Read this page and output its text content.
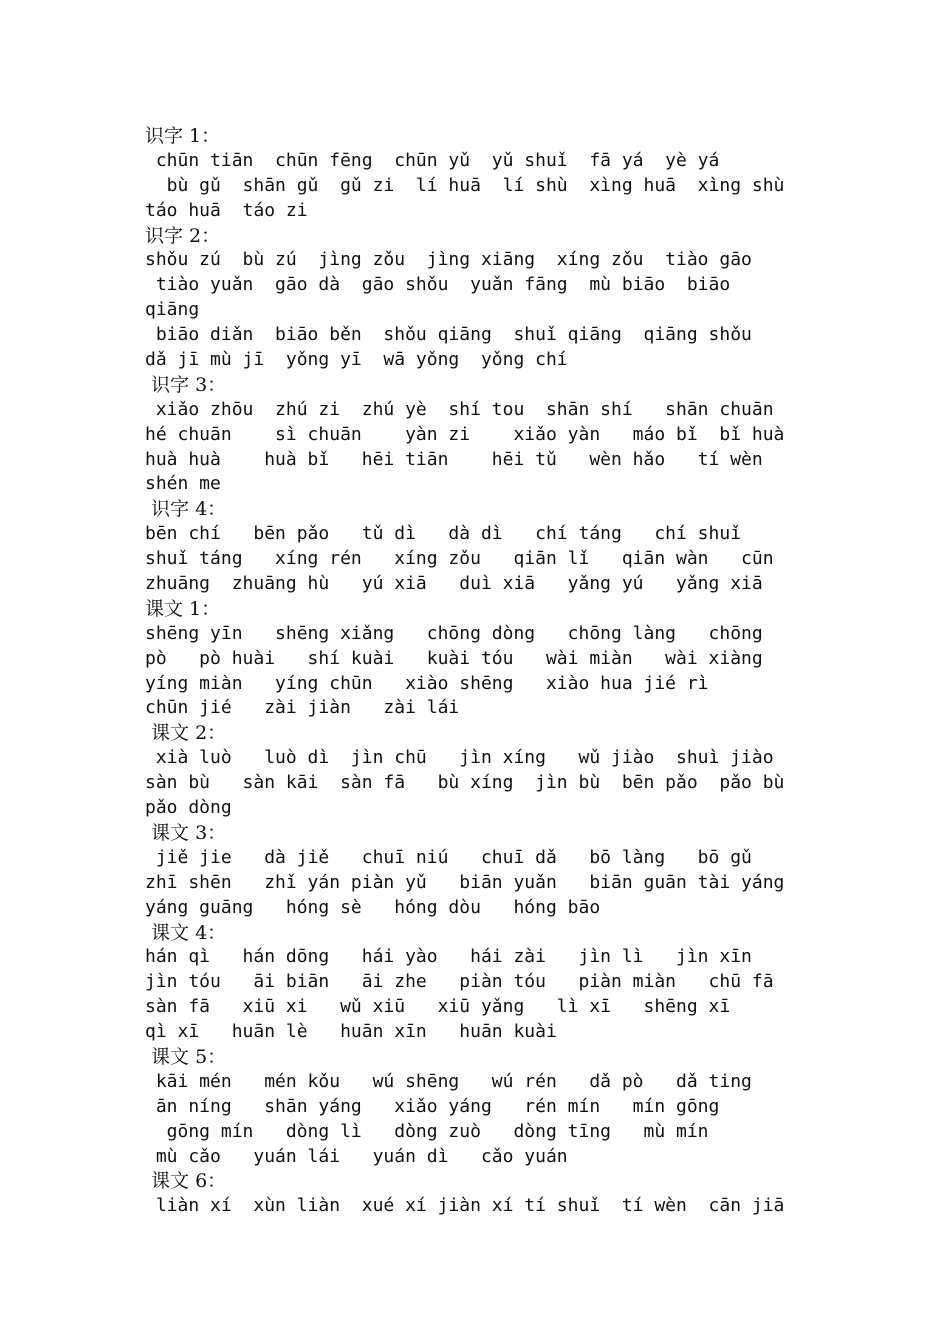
识字 1：
chūn tiān  chūn fēng  chūn yǔ  yǔ shuǐ  fā yá  yè yá
bù gǔ  shān gǔ  gǔ zi  lí huā  lí shù  xìng huā  xìng shù
táo huā  táo zi
识字 2：
shǒu zú  bù zú  jìng zǒu  jìng xiāng  xíng zǒu  tiào gāo
tiào yuǎn  gāo dà  gāo shǒu  yuǎn fāng  mù biāo  biāo
qiāng
biāo diǎn  biāo běn  shǒu qiāng  shuǐ qiāng  qiāng shǒu
dǎ jī mù jī  yǒng yī  wā yǒng  yǒng chí
识字 3：
xiǎo zhōu  zhú zi  zhú yè  shí tou  shān shí   shān chuān
hé chuān    sì chuān    yàn zi    xiǎo yàn   máo bǐ  bǐ huà
huà huà    huà bǐ   hēi tiān    hēi tǔ   wèn hǎo   tí wèn
shén me
识字 4：
bēn chí   bēn pǎo   tǔ dì   dà dì   chí táng   chí shuǐ
shuǐ táng   xíng rén   xíng zǒu   qiān lǐ   qiān wàn   cūn
zhuāng  zhuāng hù   yú xiā   duì xiā   yǎng yú   yǎng xiā
课文 1：
shēng yīn   shēng xiǎng   chōng dòng   chōng làng   chōng
pò   pò huài   shí kuài   kuài tóu   wài miàn   wài xiàng
yíng miàn   yíng chūn   xiào shēng   xiào hua jié rì
chūn jié   zài jiàn   zài lái
课文 2：
xià luò   luò dì  jìn chū   jìn xíng   wǔ jiào  shuì jiào
sàn bù   sàn kāi  sàn fā   bù xíng  jìn bù  bēn pǎo  pǎo bù
pǎo dòng
课文 3：
jiě jie   dà jiě   chuī niú   chuī dǎ   bō làng   bō gǔ
zhī shēn   zhǐ yán piàn yǔ   biān yuǎn   biān guān tài yáng
yáng guāng   hóng sè   hóng dòu   hóng bāo
课文 4：
hán qì   hán dōng   hái yào   hái zài   jìn lì   jìn xīn
jìn tóu   āi biān   āi zhe   piàn tóu   piàn miàn   chū fā
sàn fā   xiū xi   wǔ xiū   xiū yǎng   lì xī   shēng xī
qì xī   huān lè   huān xīn   huān kuài
课文 5：
kāi mén   mén kǒu   wú shēng   wú rén   dǎ pò   dǎ ting
ān níng   shān yáng   xiǎo yáng   rén mín   mín gōng
gōng mín   dòng lì   dòng zuò   dòng tīng   mù mín
mù cǎo   yuán lái   yuán dì   cǎo yuán
课文 6：
liàn xí  xùn liàn  xué xí jiàn xí tí shuǐ  tí wèn  cān jiā
